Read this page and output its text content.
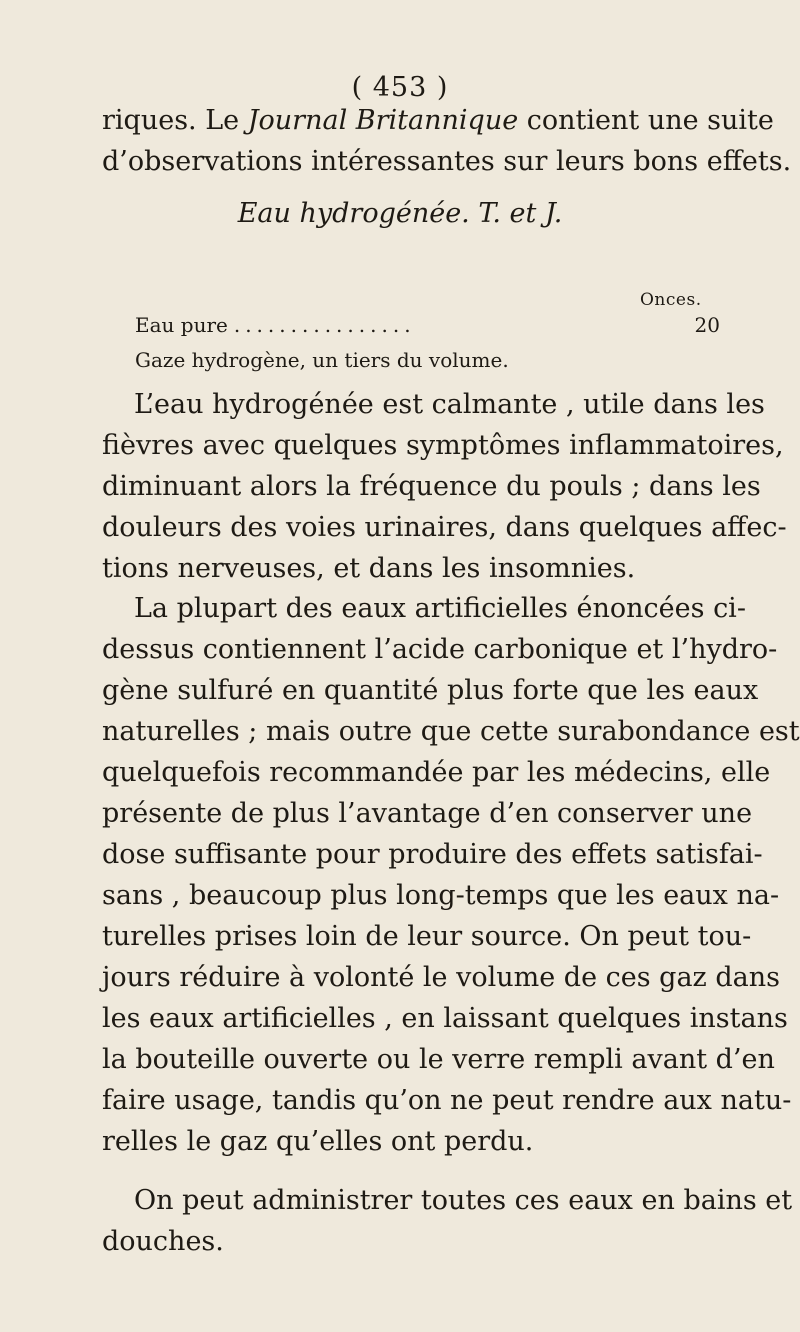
( 453 )
riques. Le Journal Britannique contient une suite
d’observations intéressantes sur leurs bons effets.
Eau hydrogénée. T. et J.
Onces.
Eau pure ................	20
Gaze hydrogène, un tiers du volume.
L’eau hydrogénée est calmante , utile dans les
fièvres avec quelques symptômes inflammatoires,
diminuant alors la fréquence du pouls ; dans les
douleurs des voies urinaires, dans quelques affec-
tions nerveuses, et dans les insomnies.
La plupart des eaux artificielles énoncées ci-
dessus contiennent l’acide carbonique et l’hydro-
gène sulfuré en quantité plus forte que les eaux
naturelles ; mais outre que cette surabondance est
quelquefois recommandée par les médecins, elle
présente de plus l’avantage d’en conserver une
dose suffisante pour produire des effets satisfai-
sans , beaucoup plus long-temps que les eaux na-
turelles prises loin de leur source. On peut tou-
jours réduire à volonté le volume de ces gaz dans
les eaux artificielles , en laissant quelques instans
la bouteille ouverte ou le verre rempli avant d’en
faire usage, tandis qu’on ne peut rendre aux natu-
relles le gaz qu’elles ont perdu.
On peut administrer toutes ces eaux en bains et
douches.
